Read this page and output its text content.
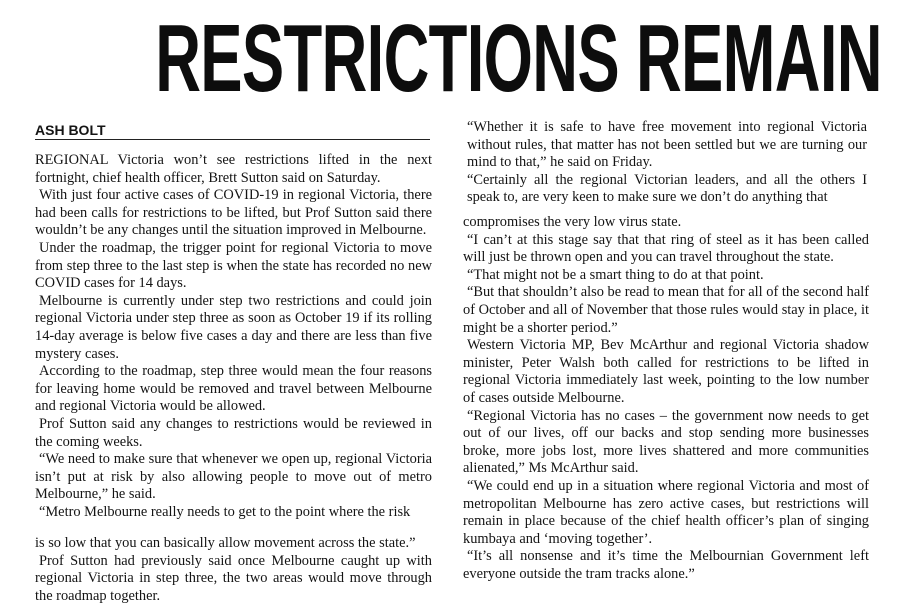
RESTRICTIONS REMAIN
ASH BOLT

REGIONAL Victoria won’t see restrictions lifted in the next fortnight, chief health officer, Brett Sutton said on Saturday.

With just four active cases of COVID-19 in regional Victoria, there had been calls for restrictions to be lifted, but Prof Sutton said there wouldn’t be any changes until the situation improved in Melbourne.

Under the roadmap, the trigger point for regional Victoria to move from step three to the last step is when the state has recorded no new COVID cases for 14 days.

Melbourne is currently under step two restrictions and could join regional Victoria under step three as soon as October 19 if its rolling 14-day average is below five cases a day and there are less than five mystery cases.

According to the roadmap, step three would mean the four reasons for leaving home would be removed and travel between Melbourne and regional Victoria would be allowed.

Prof Sutton said any changes to restrictions would be reviewed in the coming weeks.

“We need to make sure that whenever we open up, regional Victoria isn’t put at risk by also allowing people to move out of metro Melbourne,” he said.

“Metro Melbourne really needs to get to the point where the risk

is so low that you can basically allow movement across the state.”

Prof Sutton had previously said once Melbourne caught up with regional Victoria in step three, the two areas would move through the roadmap together.

“Whether it is safe to have free movement into regional Victoria without rules, that matter has not been settled but we are turning our mind to that,” he said on Friday.

“Certainly all the regional Victorian leaders, and all the others I speak to, are very keen to make sure we don’t do anything that

compromises the very low virus state.

“I can’t at this stage say that that ring of steel as it has been called will just be thrown open and you can travel throughout the state.

“That might not be a smart thing to do at that point.

“But that shouldn’t also be read to mean that for all of the second half of October and all of November that those rules would stay in place, it might be a shorter period.”

Western Victoria MP, Bev McArthur and regional Victoria shadow minister, Peter Walsh both called for restrictions to be lifted in regional Victoria immediately last week, pointing to the low number of cases outside Melbourne.

“Regional Victoria has no cases – the government now needs to get out of our lives, off our backs and stop sending more businesses broke, more jobs lost, more lives shattered and more communities alienated,” Ms McArthur said.

“We could end up in a situation where regional Victoria and most of metropolitan Melbourne has zero active cases, but restrictions will remain in place because of the chief health officer’s plan of singing kumbaya and ‘moving together’.

“It’s all nonsense and it’s time the Melbournian Government left everyone outside the tram tracks alone.”
